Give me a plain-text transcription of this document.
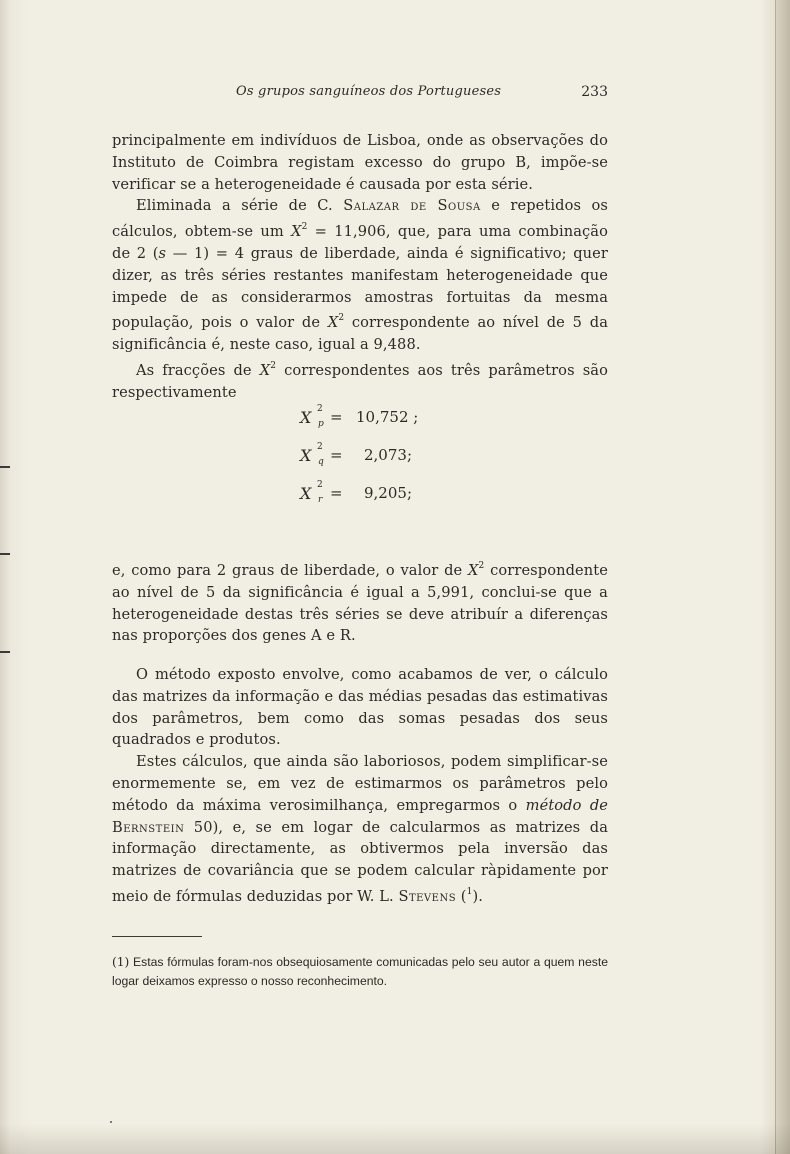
Os grupos sanguíneos dos Portugueses	233

principalmente em indivíduos de Lisboa, onde as observações do Instituto de Coimbra registam excesso do grupo B, impõe-se verificar se a heterogeneidade é causada por esta série.

Eliminada a série de C. Salazar de Sousa e repetidos os cálculos, obtem-se um $X^2 = 11,906$, que, para uma combinação de 2 (s — 1) = 4 graus de liberdade, ainda é significativo; quer dizer, as três séries restantes manifestam heterogeneidade que impede de as considerarmos amostras fortuitas da mesma população, pois o valor de $X^2$ correspondente ao nível de 5 da significância é, neste caso, igual a 9,488.

As fracções de $X^2$ correspondentes aos três parâmetros são respectivamente

X 2
p = 10,752 ;
X 2
q = 2,073;
X 2
r = 9,205;

e, como para 2 graus de liberdade, o valor de $X^2$ correspondente ao nível de 5 da significância é igual a 5,991, conclui-se que a heterogeneidade destas três séries se deve atribuír a diferenças nas proporções dos genes A e R.

O método exposto envolve, como acabamos de ver, o cálculo das matrizes da informação e das médias pesadas das estimativas dos parâmetros, bem como das somas pesadas dos seus quadrados e produtos.

Estes cálculos, que ainda são laboriosos, podem simplificar-se enormemente se, em vez de estimarmos os parâmetros pelo método da máxima verosimilhança, empregarmos o método de Bernstein 50), e, se em logar de calcularmos as matrizes da informação directamente, as obtivermos pela inversão das matrizes de covariância que se podem calcular ràpidamente por meio de fórmulas deduzidas por W. L. Stevens ($^1$).

(1) Estas fórmulas foram-nos obsequiosamente comunicadas pelo seu autor a quem neste logar deixamos expresso o nosso reconhecimento.
